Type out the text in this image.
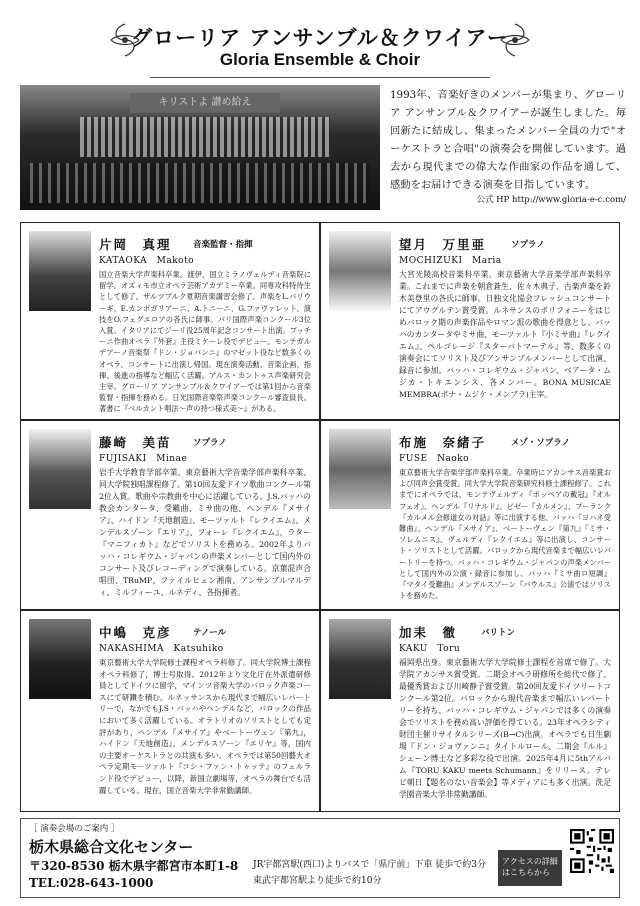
グローリア アンサンブル＆クワイアー
Gloria Ensemble & Choir
キリストよ 讃め給え
1993年、音楽好きのメンバーが集まり、グローリア アンサンブル＆クワイアーが誕生しました。毎回新たに結成し、集まったメンバー全員の力で"オーケストラと合唱"の演奏会を開催しています。過去から現代までの偉大な作曲家の作品を通して、感動をお届けできる演奏を目指しています。
公式 HP http://www.gloria-e-c.com/
片岡　真理	音楽監督・指揮
KATAOKA　Makoto
国立音楽大学声楽科卒業。渡伊、国立ミラノヴェルディ音楽院に留学。オズィモ市立オペラ芸術アカデミー卒業。同専攻科特待生として修了。ザルツブルク夏期音楽講習会修了。声楽をL.バリウーギ、E.カンポガリアーニ、A.トニーニ、G.ファヴァレット、演技をO.フェグエロアの各氏に師事。パリ国際声楽コンクール3位入賞。イタリアにてジーリ没25周年記念コンサート出演。プッチーニ作曲オペラ『外套』主役ミケーレ役でデビュー。モンテガルデアーノ音楽祭『ドン・ジョバンニ』のマゼット役など数多くのオペラ、コンサートに出演し帰国。現在演奏活動、音楽企画、指揮、後進の指導など幅広く活躍。アルス・カントゥス声楽研究会主宰。グローリア アンサンブル＆クワイアーでは第1回から音楽監督・指揮を務める。日光国際音楽祭声楽コンクール審査員長。著書に『ベルカント唱法〜声の持つ様式美〜』がある。
望月　万里亜	ソプラノ
MOCHIZUKI　Maria
大宮光陵高校音楽科卒業。東京藝術大学音楽学部声楽科卒業。これまでに声楽を朝倉蒼生、佐々木典子、古楽声楽を鈴木美登里の各氏に師事。日独文化協会フレッシュコンサートにてアウグルテン賞受賞。ルネサンスのポリフォニーをはじめバロック期の声楽作品やロマン派の歌曲を得意とし、バッハのカンタータやミサ曲、モーツァルト『小ミサ曲』『レクイエム』、ペルゴレージ『スターバトマーテル』等、数多くの演奏会にてソリスト及びアンサンブルメンバーとして出演、録音に参加。バッハ・コレギウム・ジャパン、ベアータ・ムジカ・トキエンシス、各メンバー。BONA MUSICAE MEMBRA(ボナ・ムジケ・メンブラ)主宰。
藤崎　美苗	ソプラノ
FUJISAKI　Minae
岩手大学教育学部卒業、東京藝術大学音楽学部声楽科卒業、同大学院独唱課程修了。第10回友愛ドイツ歌曲コンクール第2位入賞。歌曲や宗教曲を中心に活躍している。J.S.バッハの教会カンタータ、受難曲、ミサ曲の他、ヘンデル『メサイア』、ハイドン『天地創造』、モーツァルト『レクイエム』、メンデルスゾーン『エリア』、フォーレ『レクイエム』、ラター『マニフィカト』などでソリストを務める。2002年よりバッハ・コレギウム・ジャパンの声楽メンバーとして国内外のコンサート及びレコーディングで演奏している。京葉混声合唱団、TRuMP、ファイルヒェン湘南、アンサンブルマルディ、ミルフィーユ、ルネディ、各指揮者。
布施　奈緒子	メゾ・ソプラノ
FUSE　Naoko
東京藝術大学音楽学部声楽科卒業。卒業時にアカンサス音楽賞および同声会賞受賞。同大学大学院音楽研究科修士課程修了。これまでにオペラでは、モンテヴェルディ『ポッペアの戴冠』『オルフェオ』、ヘンデル『リナルド』、ビゼー『カルメン』、プーランク『カルメル会修道女の対話』等に出演する他、バッハ『ヨハネ受難曲』、ヘンデル『メサイア』、ベートーヴェン『第九』『ミサ・ソレムニス』、ヴェルディ『レクイエム』等に出演し、コンサート・ソリストとして活躍。バロックから現代音楽まで幅広いレパートリーを持つ。バッハ・コレギウム・ジャパンの声楽メンバーとして国内外の公演・録音に参加し、バッハ『ミサ曲ロ短調』『マタイ受難曲』メンデルスゾーン『パウルス』公演ではソリストを務めた。
中嶋　克彦	テノール
NAKASHIMA　Katsuhiko
東京藝術大学大学院修士課程オペラ科修了。同大学院博士課程オペラ科修了，博士号取得。2012年より文化庁在外派遣研修員としてドイツに留学，マインツ音楽大学のバロック声楽コースにて研鑽を積む。ルネッサンスから現代まで幅広いレパートリーで，なかでもJ.S・バッハやヘンデルなど，バロックの作品において多く活躍している。オラトリオのソリストとしても定評があり，ヘンデル『メサイア』やベートーヴェン『第九』，ハイドン『天地創造』，メンデルスゾーン『エリヤ』等，国内の主要オーケストラとの共演も多い。オペラでは第50回藝大オペラ定期モーツァルト『コシ・ファン・トゥッテ』のフェルランド役でデビュー，以降，新国立劇場等，オペラの舞台でも活躍している。現在，国立音楽大学非常勤講師。
加耒　徹	バリトン
KAKU　Toru
福岡県出身。東京藝術大学大学院修士課程を首席で修了。大学院アカンサス賞受賞。二期会オペラ研修所を総代で修了、最優秀賞および川崎静子賞受賞。第20回友愛ドイツリートコンクール第2位。バロックから現代音楽まで幅広いレパートリーを持ち、バッハ・コレギウム・ジャパンでは多くの演奏会でソリストを務め高い評価を得ている。23年オペラシティ財団主催リサイタルシリーズ(B→C)出演。オペラでも日生劇場『ドン・ジョヴァンニ』タイトルロール、二期会『ルル』シェーン博士など多彩な役で出演。2025年4月に5thアルバム『TORU KAKU meets Schumann』をリリース。テレビ朝日【題名のない音楽会】等メディアにも多く出演。洗足学園音楽大学非常勤講師。
［ 演奏会場のご案内 ］
栃木県総合文化センター
〒320-8530 栃木県宇都宮市本町1-8
TEL:028-643-1000
JR宇都宮駅(西口)よりバスで「県庁前」下車 徒歩で約3分
東武宇都宮駅より徒歩で約10分
アクセスの詳細はこちらから
